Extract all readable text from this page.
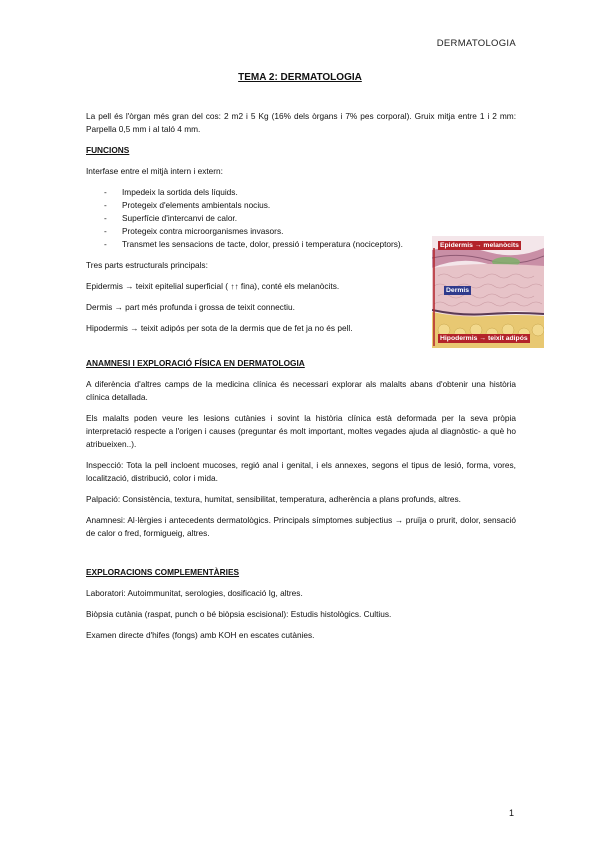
DERMATOLOGIA
TEMA 2: DERMATOLOGIA

La pell és l'òrgan més gran del cos: 2 m2 i 5 Kg (16% dels òrgans i 7% pes corporal). Gruix mitja entre 1 i 2 mm: Parpella 0,5 mm i al taló 4 mm.

FUNCIONS

Interfase entre el mitjà intern i extern:

- Impedeix la sortida dels líquids.
- Protegeix d'elements ambientals nocius.
- Superfície d'intercanvi de calor.
- Protegeix contra microorganismes invasors.
- Transmet les sensacions de tacte, dolor, pressió i temperatura (nociceptors).

Tres parts estructurals principals:

Epidermis → teixit epitelial superficial ( ↑↑ fina), conté els melanòcits.

Dermis → part més profunda i grossa de teixit connectiu.

Hipodermis → teixit adipós per sota de la dermis que de fet ja no és pell.

ANAMNESI I EXPLORACIÓ FÍSICA EN DERMATOLOGIA

A diferència d'altres camps de la medicina clínica és necessari explorar als malalts abans d'obtenir una història clínica detallada.

Els malalts poden veure les lesions cutànies i sovint la història clínica està deformada per la seva pròpia interpretació respecte a l'origen i causes (preguntar és molt important, moltes vegades ajuda al diagnòstic- a què ho atribueixen..).

Inspecció: Tota la pell incloent mucoses, regió anal i genital, i els annexes, segons el tipus de lesió, forma, vores, localització, distribució, color i mida.

Palpació: Consistència, textura, humitat, sensibilitat, temperatura, adherència a plans profunds, altres.

Anamnesi: Al·lèrgies i antecedents dermatològics. Principals símptomes subjectius → pruïja o prurit, dolor, sensació de calor o fred, formigueig, altres.

EXPLORACIONS COMPLEMENTÀRIES

Laboratori: Autoimmunitat, serologies, dosificació Ig, altres.

Biòpsia cutània (raspat, punch o bé biòpsia escisional): Estudis histològics. Cultius.

Examen directe d'hifes (fongs) amb KOH en escates cutànies.

Epidermis → melanòcits
Dermis
Hipodermis → teixit adipós
1
